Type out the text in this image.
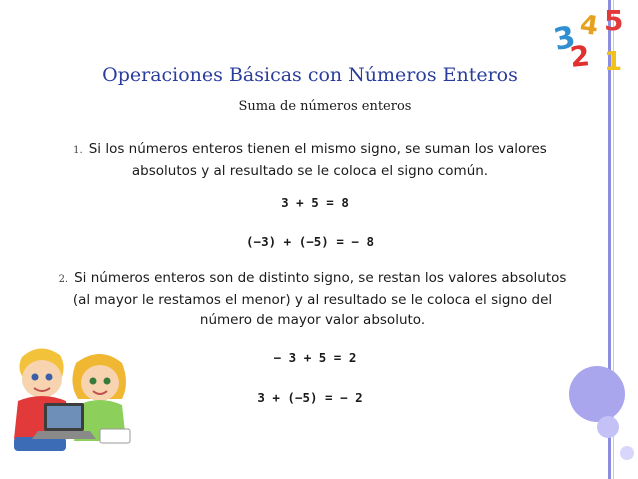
3 4 5
2 1
Operaciones Básicas con Números Enteros
Suma de números enteros
1. Si los números enteros tienen el mismo signo, se suman los valores
absolutos y al resultado se le coloca el signo común.
3 + 5 = 8
(−3) + (−5) = − 8
2. Si números enteros son de distinto signo, se restan los valores absolutos
(al mayor le restamos el menor) y al resultado se le coloca el signo del
número de mayor valor absoluto.
− 3 + 5 = 2
3 + (−5) = − 2
